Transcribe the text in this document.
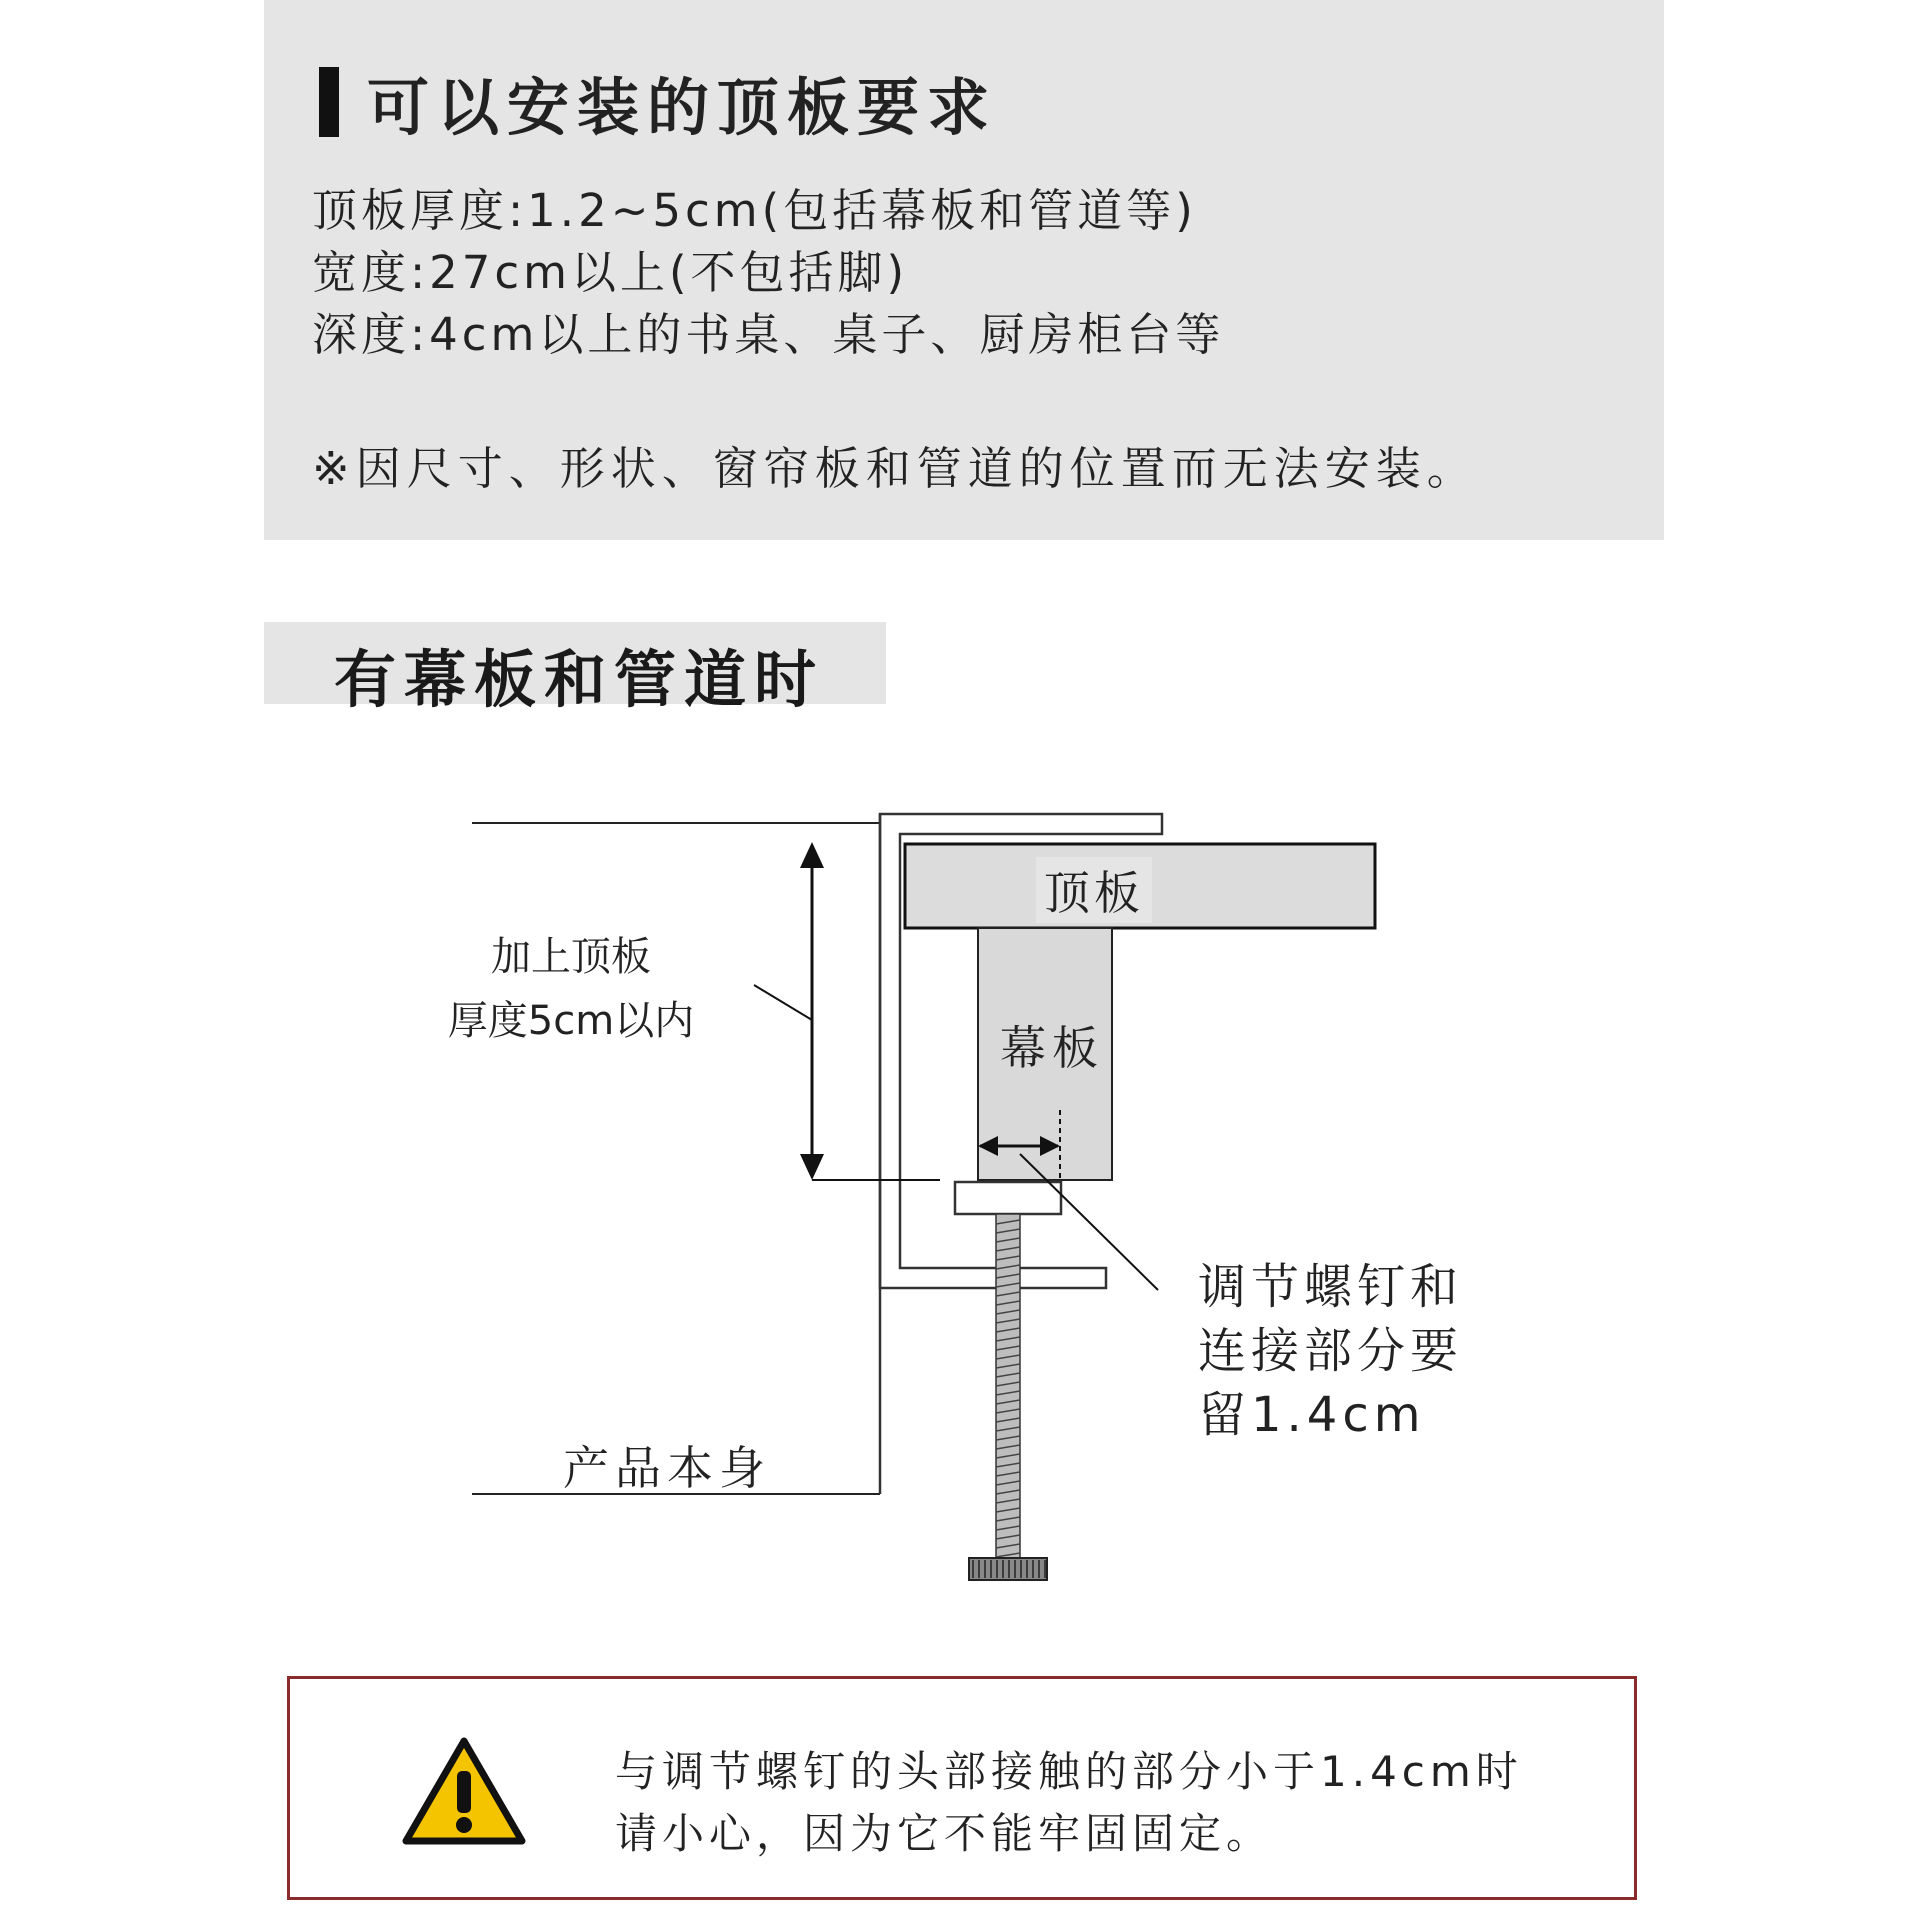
可以安装的顶板要求
顶板厚度:1.2~5cm(包括幕板和管道等)
宽度:27cm以上(不包括脚)
深度:4cm以上的书桌、桌子、厨房柜台等
※因尺寸、形状、窗帘板和管道的位置而无法安装。
有幕板和管道时
顶板
幕板
加上顶板
厚度5cm以内
调节螺钉和
连接部分要
留1.4cm
产品本身
与调节螺钉的头部接触的部分小于1.4cm时
请小心，因为它不能牢固固定。
